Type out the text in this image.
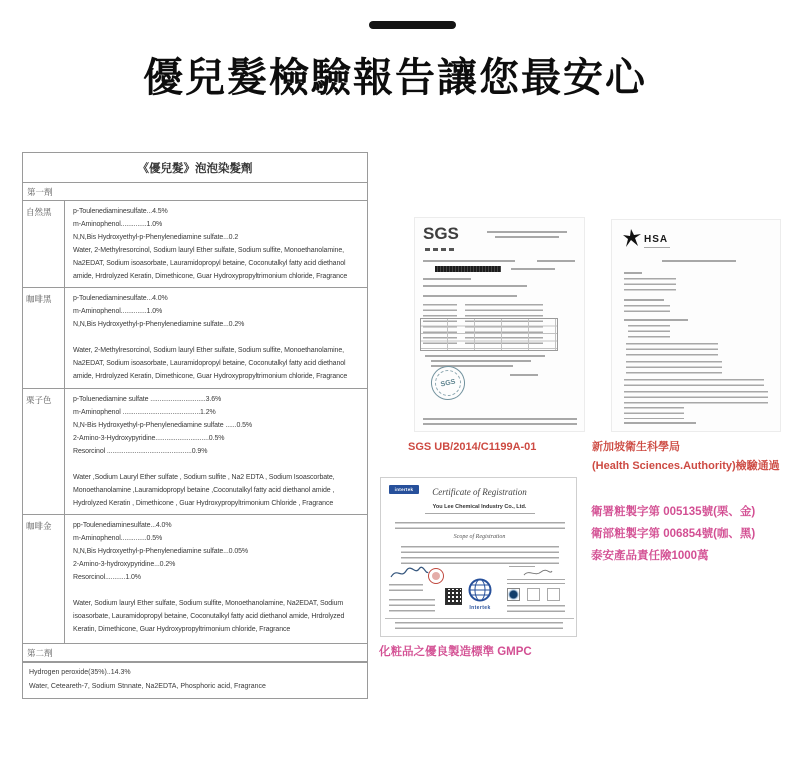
優兒髮檢驗報告讓您最安心
《優兒髮》泡泡染髮劑
第一劑
自然黑	p-Toulenediaminesulfate...4.5%
m-Aminophenol..............1.0%
N,N,Bis Hydroxyethyl-p-Phenylenediamine sulfate...0.2
Water, 2-Methylresorcinol, Sodium lauryl Ether sulfate, Sodium sulfite, Monoethanolamine, Na2EDAT, Sodium isoasorbate, Lauramidopropyl betaine, Coconutalkyl fatty acid diethanol amide, Hrdrolyzed Keratin, Dimethicone, Guar Hydroxypropyltrimonium chloride, Fragrance
咖啡黑	p-Toulenediaminesulfate...4.0%
m-Aminophenol..............1.0%
N,N,Bis Hydroxyethyl-p-Phenylenediamine sulfate...0.2%
Water, 2-Methylresorcinol, Sodium lauryl Ether sulfate, Sodium sulfite, Monoethanolamine, Na2EDAT, Sodium isoasorbate, Lauramidopropyl betaine, Coconutalkyl fatty acid diethanol amide, Hrdrolyzed Keratin, Dimethicone, Guar Hydroxypropyltrimonium chloride, Fragrance
栗子色	p-Toluenediamine sulfate ..............................3.6%
m-Aminophenol ..........................................1.2%
N,N-Bis Hydroxyethyl-p-Phenylenediamine sulfate ......0.5%
2-Amino-3-Hydroxypyridine.............................0.5%
Resorcinol ..............................................0.9%
Water ,Sodium Lauryl Ether sulfate , Sodium sulfite , Na2 EDTA , Sodium Isoascorbate, Monoethanolamine ,Lauramidopropyl betaine ,Coconutalkyl fatty acid diethanol amide , Hydrolyzed Keratin , Dimethicone , Guar Hydroxypropyltrimonium Chloride , Fragrance
咖啡金	pp-Toulenediaminesulfate...4.0%
m-Aminophenol..............0.5%
N,N,Bis Hydroxyethyl-p-Phenylenediamine sulfate...0.05%
2-Amino-3-hydroxypyridine...0.2%
Resorcinol...........1.0%
Water, Sodium lauryl Ether sulfate, Sodium sulfite, Monoethanolamine, Na2EDAT, Sodium isoasorbate, Lauramidopropyl betaine, Coconutalkyl fatty acid diethanol amide, Hrdrolyzed Keratin, Dimethicone, Guar Hydroxypropyltrimonium chloride, Fragrance
第二劑
Hydrogen peroxide(35%)..14.3%
Water, Ceteareth-7, Sodium Stnnate, Na2EDTA, Phosphoric acid, Fragrance
SGS
SGS
HSA
SGS UB/2014/C1199A-01	新加坡衛生科學局
(Health Sciences.Authority)檢驗通過
intertek	Certificate of Registration
You Lee Chemical Industry Co., Ltd.
Scope of Registration
Intertek
化粧品之優良製造標準 GMPC
衛署粧製字第 005135號(栗、金)
衛部粧製字第 006854號(咖、黑)
泰安產品責任險1000萬
